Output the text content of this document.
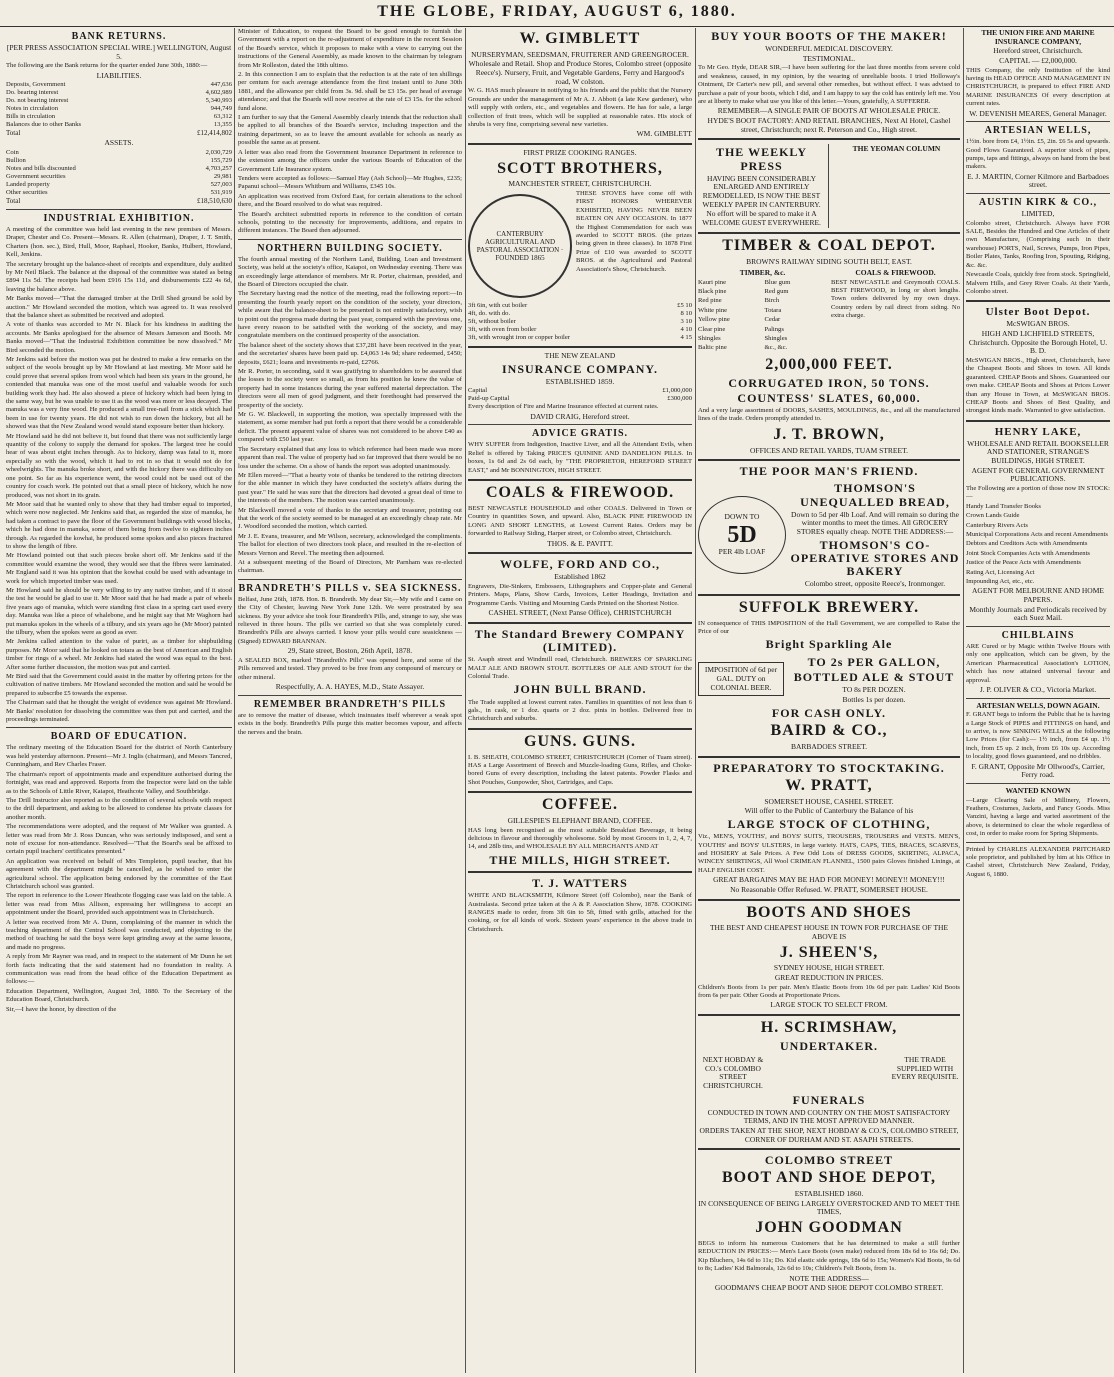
THE GLOBE, FRIDAY, AUGUST 6, 1880.
BANK RETURNS.
[PER PRESS ASSOCIATION SPECIAL WIRE.] WELLINGTON, August 5.
The following are the Bank returns for the quarter ended June 30th, 1880:—
LIABILITIES.
Deposits, Government	447,636
Do. bearing interest	4,602,989
Do. not bearing interest	5,340,993
Notes in circulation	944,749
Bills in circulation	63,312
Balances due to other Banks	13,355
Total	£12,414,802
ASSETS.
Coin	2,030,729
Bullion	155,729
Notes and bills discounted	4,703,257
Government securities	29,981
Landed property	527,003
Other securities	531,919
Total	£18,510,630
INDUSTRIAL EXHIBITION.
A meeting of the committee was held last evening in the new premises of Messrs. Draper, Chester and Co. Present—Messrs. R. Allen (chairman), Draper, J. T. Smith, Charters (hon. sec.), Bird, Hull, Moor, Raphael, Hooker, Banks, Hulbert, Howland, Kell, Jenkins.
The secretary brought up the balance-sheet of receipts and expenditure, duly audited by Mr Neil Black. The balance at the disposal of the committee was stated as being £894 11s 5d. The receipts had been £916 15s 11d, and disbursements £22 4s 6d, leaving the balance above.
Mr Banks moved—"That the damaged timber at the Drill Shed ground be sold by auction." Mr Howland seconded the motion, which was agreed to. It was resolved that the balance sheet as submitted be received and adopted.
A vote of thanks was accorded to Mr N. Black for his kindness in auditing the accounts. Mr Banks apologised for the absence of Messrs Jameson and Booth. Mr Banks moved—"That the Industrial Exhibition committee be now dissolved." Mr Bird seconded the motion.
Mr Jenkins said before the motion was put he desired to make a few remarks on the subject of the wools brought up by Mr Howland at last meeting. Mr Moor said he could prove that several spikes from wool which had been six years in the ground, he contended that manuka was one of the most useful and valuable woods for such building work they had. He also showed a piece of hickory which had been lying in the same way, but he was unable to use it as the wood was more or less decayed. The manuka was a very fine wood. He produced a small tree-nail from a stick which had been in use for twenty years. He did not wish to run down the hickory, but all he showed was that the New Zealand wood would stand exposure better than hickory.
Mr Howland said he did not believe it, but found that there was not sufficiently large quantity of the colony to supply the demand for spokes. The largest tree he could hear of was about eight inches through. As to hickory, damp was fatal to it, more especially so with the wood, which it had to rot in so that it would not do for wheelwrights. The manuka broke short, and with the hickory there was difficulty on one point. So far as his experience went, the wood could not be used out of the country for coach work. He pointed out that a small piece of hickory, which he now produced, was not short in its grain.
Mr Moor said that he wanted only to show that they had timber equal to imported, which were now neglected. Mr Jenkins said that, as regarded the size of manuka, he had taken a contract to pave the floor of the Government buildings with wood blocks, which he had done in manuka, some of them being from twelve to eighteen inches through. As regarded the kowhai, he produced some spokes and also pieces fractured to show the length of fibre.
Mr Howland pointed out that such pieces broke short off. Mr Jenkins said if the committee would examine the wood, they would see that the fibres were laminated. Mr England said it was his opinion that the kowhai could be used with advantage in work for which imported timber was used.
Mr Howland said he should be very willing to try any native timber, and if it stood the test he would be glad to use it. Mr Moor said that he had made a pair of wheels five years ago of manuka, which were standing first class in a spring cart used every day. Manuka was like a piece of whalebone, and he might say that Mr Waghorn had put manuka spokes in the wheels of a tilbury, and six years ago he (Mr Moor) painted the tilbury, when the spokes were as good as ever.
Mr Jenkins called attention to the value of puriri, as a timber for shipbuilding purposes. Mr Moor said that he looked on totara as the best of American and English timber for rings of a wheel. Mr Jenkins had stated the wood was equal to the best. After some further discussion, the motion was put and carried.
Mr Bird said that the Government could assist in the matter by offering prizes for the cultivation of native timbers. Mr Howland seconded the motion and said he would be prepared to subscribe £5 towards the expense.
The Chairman said that he thought the weight of evidence was against Mr Howland. Mr Banks' resolution for dissolving the committee was then put and carried, and the proceedings terminated.
BOARD OF EDUCATION.
The ordinary meeting of the Education Board for the district of North Canterbury was held yesterday afternoon. Present—Mr J. Inglis (chairman), and Messrs Tancred, Cunningham, and Rev Charles Fraser.
The chairman's report of appointments made and expenditure authorised during the fortnight, was read and approved. Reports from the Inspector were laid on the table as to the Schools of Little River, Kaiapoi, Heathcote Valley, and Southbridge.
The Drill Instructor also reported as to the condition of several schools with respect to the drill department, and asking to be allowed to condense his private classes for another month.
The recommendations were adopted, and the request of Mr Walker was granted. A letter was read from Mr J. Ross Duncan, who was seriously indisposed, and sent a note of excuse for non-attendance. Resolved—"That the Board's seal be affixed to certain pupil teachers' certificates presented."
An application was received on behalf of Mrs Templeton, pupil teacher, that his agreement with the department might be cancelled, as he wished to enter the agricultural school. The application being endorsed by the committee of the East Christchurch school was granted.
The report in reference to the Lower Heathcote flogging case was laid on the table. A letter was read from Miss Allison, expressing her willingness to accept an appointment under the Board, provided such appointment was in Christchurch.
A letter was received from Mr A. Dunn, complaining of the manner in which the teaching department of the Central School was conducted, and objecting to the method of teaching he said the boys were kept grinding away at the same lessons, and made no progress.
A reply from Mr Rayner was read, and in respect to the statement of Mr Dunn he set forth facts indicating that the said statement had no foundation in reality. A communication was read from the head office of the Education Department as follows:—
Education Department, Wellington, August 3rd, 1880. To the Secretary of the Education Board, Christchurch.
Sir,—I have the honor, by direction of the
Minister of Education, to request the Board to be good enough to furnish the Government with a report on the re-adjustment of expenditure in the recent Session of the Board's service, which it proposes to make with a view to carrying out the instructions of the General Assembly, as made known to the chairman by telegram from Mr Rolleston, dated the 18th ultimo.
2. In this connection I am to explain that the reduction is at the rate of ten shillings per centum for each average attendance from the first instant until to June 30th 1881, and the allowance per child from 3s. 9d. shall be £3 15s. per head of average attendance; and that the Boards will now receive at the rate of £3 15s. for the school fund alone.
I am further to say that the General Assembly clearly intends that the reduction shall be applied to all branches of the Board's service, including inspection and the training department, so as to leave the amount available for schools as nearly as possible the same as at present.
A letter was also read from the Government Insurance Department in reference to the extension among the officers under the various Boards of Education of the Government Life Insurance system.
Tenders were accepted as follows:—Samuel Hay (Ash School)—Mr Hughes, £235; Papanui school—Messrs Whitburn and Williams, £345 10s.
An application was received from Oxford East, for certain alterations to the school there, and the Board resolved to do what was required.
The Board's architect submitted reports in reference to the condition of certain schools, pointing to the necessity for improvements, additions, and repairs in different instances. The Board then adjourned.
NORTHERN BUILDING SOCIETY.
The fourth annual meeting of the Northern Land, Building, Loan and Investment Society, was held at the society's office, Kaiapoi, on Wednesday evening. There was an exceedingly large attendance of members. Mr R. Porter, chairman, presided, and the Board of Directors occupied the chair.
The Secretary having read the notice of the meeting, read the following report:—In presenting the fourth yearly report on the condition of the society, your directors, while aware that the balance-sheet to be presented is not entirely satisfactory, wish to point out the progress made during the past year, compared with the previous one, have every reason to be satisfied with the working of the society, and may congratulate members on the continued prosperity of the association.
The balance sheet of the society shows that £37,281 have been received in the year, and the secretaries' shares have been paid up. £4,063 14s 9d; share redeemed, £450; deposits, £621; loans and investments re-paid, £2766.
Mr R. Porter, in seconding, said it was gratifying to shareholders to be assured that the losses to the society were so small, as from his position he knew the value of property had in some instances during the year suffered material depreciation. The directors were all men of good judgment, and their forethought had preserved the prosperity of the society.
Mr G. W. Blackwell, in supporting the motion, was specially impressed with the statement, as some member had put forth a report that there would be a considerable deficit. The present apparent value of shares was not considered to be above £40 as compared with £50 last year.
The Secretary explained that any loss to which reference had been made was more apparent than real. The value of property had so far improved that there would be no loss under the scheme. On a show of hands the report was adopted unanimously.
Mr Ellen moved—"That a hearty vote of thanks be tendered to the retiring directors for the able manner in which they have conducted the society's affairs during the past year." He said he was sure that the directors had devoted a great deal of time to the interests of the members. The motion was carried unanimously.
Mr Blackwell moved a vote of thanks to the secretary and treasurer, pointing out that the work of the society seemed to be managed at an exceedingly cheap rate. Mr J. Woodford seconded the motion, which carried.
Mr J. E. Evans, treasurer, and Mr Wilson, secretary, acknowledged the compliments. The ballot for election of two directors took place, and resulted in the re-election of Messrs Vernon and Revel. The meeting then adjourned.
At a subsequent meeting of the Board of Directors, Mr Parnham was re-elected chairman.
BRANDRETH'S PILLS v. SEA SICKNESS.
Belfast, June 26th, 1878. Hon. B. Brandreth. My dear Sir,—My wife and I came on the City of Chester, leaving New York June 12th. We were prostrated by sea sickness. By your advice she took four Brandreth's Pills, and, strange to say, she was relieved in three hours. The pills we carried so that she was completely cured. Brandreth's Pills are always carried. I know your pills would cure seasickness — (Signed) EDWARD BRANNAN.
29, State street, Boston, 26th April, 1878.
A SEALED BOX, marked "Brandreth's Pills" was opened here, and some of the Pills removed and tested. They proved to be free from any compound of mercury or other mineral.
Respectfully, A. A. HAYES, M.D., State Assayer.
REMEMBER BRANDRETH'S PILLS
are to remove the matter of disease, which insinuates itself wherever a weak spot exists in the body. Brandreth's Pills purge this matter becomes vapour, and affects the nerves and the brain.
W. GIMBLETT
NURSERYMAN, SEEDSMAN, FRUITERER AND GREENGROCER.
Wholesale and Retail. Shop and Produce Stores, Colombo street (opposite Reece's). Nursery, Fruit, and Vegetable Gardens, Ferry and Hargood's road, W colston.
W. G. HAS much pleasure in notifying to his friends and the public that the Nursery Grounds are under the management of Mr A. J. Abbott (a late Kew gardener), who will supply with orders, etc., and vegetables and flowers. He has for sale, a large collection of fruit trees, which will be supplied at reasonable rates. His stock of shrubs is very fine, comprising several new varieties.
WM. GIMBLETT
FIRST PRIZE COOKING RANGES.
SCOTT BROTHERS,
MANCHESTER STREET, CHRISTCHURCH.
CANTERBURY AGRICULTURAL AND PASTORAL ASSOCIATION · FOUNDED 1865
THESE STOVES have come off with FIRST HONORS WHEREVER EXHIBITED, HAVING NEVER BEEN BEATEN ON ANY OCCASION. In 1877 the Highest Commendation for each was awarded to SCOTT BROS. (the prizes being given in three classes). In 1878 First Prize of £10 was awarded to SCOTT BROS. at the Agricultural and Pastoral Association's Show, Christchurch.
3ft 6in, with cut boiler	£5 10
4ft, do. with do.	8 10
5ft, without boiler	3 10
3ft, with oven from boiler	4 10
3ft, with wrought iron or copper boiler	4 15
THE NEW ZEALAND
INSURANCE COMPANY.
ESTABLISHED 1859.
Capital	£1,000,000
Paid-up Capital	£300,000
Every description of Fire and Marine Insurance effected at current rates.
DAVID CRAIG, Hereford street.
ADVICE GRATIS.
WHY SUFFER from Indigestion, Inactive Liver, and all the Attendant Evils, when Relief is offered by Taking PRICE'S QUININE AND DANDELION PILLS. In boxes, 1s 6d and 2s 6d each, by "THE PROPRIETOR, HEREFORD STREET EAST," and Mr BONNINGTON, HIGH STREET.
COALS & FIREWOOD.
BEST NEWCASTLE HOUSEHOLD and other COALS. Delivered in Town or Country in quantities Sown, and upward. Also, BLACK PINE FIREWOOD IN LONG AND SHORT LENGTHS, at Lowest Current Rates. Orders may be forwarded to Railway Siding, Harper street, or Colombo street, Christchurch.
THOS. & E. PAVITT.
WOLFE, FORD AND CO.,
Established 1862
Engravers, Die-Sinkers, Embossers, Lithographers and Copper-plate and General Printers. Maps, Plans, Show Cards, Invoices, Letter Headings, Invitation and Programme Cards. Visiting and Mourning Cards Printed on the Shortest Notice.
CASHEL STREET, (Next Panse Office), CHRISTCHURCH
The Standard Brewery COMPANY (LIMITED).
St. Asaph street and Windmill road, Christchurch. BREWERS OF SPARKLING MALT ALE AND BROWN STOUT. BOTTLERS OF ALE AND STOUT for the Colonial Trade.
JOHN BULL BRAND.
The Trade supplied at lowest current rates. Families in quantities of not less than 6 gals., in cask, or 1 doz. quarts or 2 doz. pints in bottles. Delivered free in Christchurch and suburbs.
GUNS. GUNS.
I. B. SHEATH, COLOMBO STREET, CHRISTCHURCH (Corner of Tuam street). HAS a Large Assortment of Breech and Muzzle-loading Guns, Rifles, and Choke-bored Guns of every description, including the latest patents. Powder Flasks and Shot Pouches, Gunpowder, Shot, Cartridges, and Caps.
COFFEE.
GILLESPIE'S ELEPHANT BRAND, COFFEE.
HAS long been recognised as the most suitable Breakfast Beverage, it being delicious in flavour and thoroughly wholesome. Sold by most Grocers in 1, 2, 4, 7, 14, and 28lb tins, and WHOLESALE BY ALL MERCHANTS AND AT
THE MILLS, HIGH STREET.
T. J. WATTERS
WHITE AND BLACKSMITH, Kilmore Street (off Colombo), near the Bank of Australasia. Second prize taken at the A & P. Association Show, 1878. COOKING RANGES made to order, from 3ft 6in to 5ft, fitted with grills, attached for the cooking, or for all kinds of work. Sixteen years' experience in the above trade in Christchurch.
BUY YOUR BOOTS OF THE MAKER!
WONDERFUL MEDICAL DISCOVERY.
TESTIMONIAL.
To Mr Geo. Hyde, DEAR SIR,—I have been suffering for the last three months from severe cold and weakness, caused, in my opinion, by the wearing of unreliable boots. I tried Holloway's Ointment, Dr Carter's new pill, and several other remedies, but without effect. I was advised to purchase a pair of your boots, which I did, and I am happy to say the cold has entirely left me. You are at liberty to make what use you like of this letter.—Yours, gratefully, A SUFFERER.
REMEMBER—A SINGLE PAIR OF BOOTS AT WHOLESALE PRICE.
HYDE'S BOOT FACTORY: AND RETAIL BRANCHES, Next Al Hotel, Cashel street, Christchurch; next R. Peterson and Co., High street.
THE WEEKLY PRESS
HAVING BEEN CONSIDERABLY ENLARGED AND ENTIRELY REMODELLED, IS NOW THE BEST WEEKLY PAPER IN CANTERBURY.
No effort will be spared to make it A WELCOME GUEST EVERYWHERE.
THE YEOMAN COLUMN
TIMBER & COAL DEPOT.
BROWN'S RAILWAY SIDING SOUTH BELT, EAST.
TIMBER, &c.
Kauri pine
Black pine
Red pine
White pine
Yellow pine
Clear pine
Shingles
Baltic pine
Blue gum
Red gum
Birch
Totara
Cedar
Palings
Shingles
&c., &c.
COALS & FIREWOOD.
BEST NEWCASTLE and Greymouth COALS. BEST FIREWOOD, in long or short lengths. Town orders delivered by my own drays. Country orders by rail direct from siding. No extra charge.
2,000,000 FEET.
CORRUGATED IRON, 50 TONS.
COUNTESS' SLATES, 60,000.
And a very large assortment of DOORS, SASHES, MOULDINGS, &c., and all the manufactured lines of the trade. Orders promptly attended to.
J. T. BROWN,
OFFICES AND RETAIL YARDS, TUAM STREET.
THE POOR MAN'S FRIEND.
DOWN TO
5D
PER 4lb LOAF
THOMSON'S UNEQUALLED BREAD,
Down to 5d per 4lb Loaf. And will remain so during the winter months to meet the times. All GROCERY STORES equally cheap. NOTE THE ADDRESS:—
THOMSON'S CO-OPERATIVE STORES AND BAKERY
Colombo street, opposite Reece's, Ironmonger.
SUFFOLK BREWERY.
IN consequence of THIS IMPOSITION of the Hall Government, we are compelled to Raise the Price of our
Bright Sparkling Ale
IMPOSITION of 6d per GAL. DUTY on COLONIAL BEER.
TO 2s PER GALLON,
BOTTLED ALE & STOUT
TO 8s PER DOZEN.
Bottles 1s per dozen.
FOR CASH ONLY.
BAIRD & CO.,
BARBADOES STREET.
PREPARATORY TO STOCKTAKING.
W. PRATT,
SOMERSET HOUSE, CASHEL STREET.
Will offer to the Public of Canterbury the Balance of his
LARGE STOCK OF CLOTHING,
Viz., MEN'S, YOUTHS', and BOYS' SUITS, TROUSERS, TROUSERS and VESTS. MEN'S, YOUTHS' and BOYS' ULSTERS, in large variety. HATS, CAPS, TIES, BRACES, SCARVES, and HOSIERY at Sale Prices. A Few Odd Lots of DRESS GOODS, SKIRTING, ALPACA, WINCEY SHIRTINGS, All Wool CRIMEAN FLANNEL, 1500 pairs Gloves finished Linings, at HALF ENGLISH COST.
GREAT BARGAINS MAY BE HAD FOR MONEY! MONEY!! MONEY!!!
No Reasonable Offer Refused. W. PRATT, SOMERSET HOUSE.
BOOTS AND SHOES
THE BEST AND CHEAPEST HOUSE IN TOWN FOR PURCHASE OF THE ABOVE IS
J. SHEEN'S,
SYDNEY HOUSE, HIGH STREET.
GREAT REDUCTION IN PRICES.
Children's Boots from 1s per pair. Men's Elastic Boots from 10s 6d per pair. Ladies' Kid Boots from 6s per pair. Other Goods at Proportionate Prices.
LARGE STOCK TO SELECT FROM.
H. SCRIMSHAW,
UNDERTAKER.
NEXT HOBDAY & CO.'s COLOMBO STREET CHRISTCHURCH.
THE TRADE SUPPLIED WITH EVERY REQUISITE.
FUNERALS
CONDUCTED IN TOWN AND COUNTRY ON THE MOST SATISFACTORY TERMS, AND IN THE MOST APPROVED MANNER.
ORDERS TAKEN AT THE SHOP, NEXT HOBDAY & CO.'S, COLOMBO STREET, CORNER OF DURHAM AND ST. ASAPH STREETS.
COLOMBO STREET
BOOT AND SHOE DEPOT,
ESTABLISHED 1860.
IN CONSEQUENCE OF BEING LARGELY OVERSTOCKED AND TO MEET THE TIMES,
JOHN GOODMAN
BEGS to inform his numerous Customers that he has determined to make a still further REDUCTION IN PRICES:— Men's Lace Boots (own make) reduced from 18s 6d to 16s 6d; Do. Kip Bluchers, 14s 6d to 11s; Do. Kid elastic side springs, 18s 6d to 15s; Women's Kid Boots, 9s 6d to 8s; Ladies' Kid Balmorals, 12s 6d to 10s; Children's Felt Boots, from 1s.
NOTE THE ADDRESS—
GOODMAN'S CHEAP BOOT AND SHOE DEPOT COLOMBO STREET.
THE UNION FIRE AND MARINE INSURANCE COMPANY,
Hereford street, Christchurch.
CAPITAL — £2,000,000.
THIS Company, the only Institution of the kind having its HEAD OFFICE AND MANAGEMENT IN CHRISTCHURCH, is prepared to effect FIRE AND MARINE INSURANCES Of every description at current rates.
W. DEVENISH MEARES, General Manager.
ARTESIAN WELLS,
1½in. bore from £4, 1½in. £5, 2in. £6 5s and upwards. Good Flows Guaranteed. A superior stock of pipes, pumps, taps and fittings, always on hand from the best makers.
E. J. MARTIN, Corner Kilmore and Barbadoes street.
AUSTIN KIRK & CO.,
LIMITED,
Colombo street, Christchurch. Always have FOR SALE, Besides the Hundred and One Articles of their own Manufacture, (Comprising such in their warehouse) PORTS, Nail, Screws, Pumps, Iron Pipes, Boiler Plates, Tanks, Roofing Iron, Spouting, Ridging, &c. &c.
Newcastle Coals, quickly free from stock. Springfield, Malvern Hills, and Grey River Coals. At their Yards, Colombo street.
Ulster Boot Depot.
McSWIGAN BROS.
HIGH AND LICHFIELD STREETS, Christchurch. Opposite the Borough Hotel, U. B. D.
McSWIGAN BROS., High street, Christchurch, have the Cheapest Boots and Shoes in town. All kinds guaranteed. CHEAP Boots and Shoes. Guaranteed our own make. CHEAP Boots and Shoes at Prices Lower than any House in Town, at McSWIGAN BROS. CHEAP Boots and Shoes of Best Quality, and strongest kinds made. Warranted to give satisfaction.
HENRY LAKE,
WHOLESALE AND RETAIL BOOKSELLER AND STATIONER, STRANGE'S BUILDINGS, HIGH STREET.
AGENT FOR GENERAL GOVERNMENT PUBLICATIONS.
The Following are a portion of those now IN STOCK:—
Handy Land Transfer Books
Crown Lands Guide
Canterbury Rivers Acts
Municipal Corporations Acts and recent Amendments
Debtors and Creditors Acts with Amendments
Joint Stock Companies Acts with Amendments
Justice of the Peace Acts with Amendments
Rating Act, Licensing Act
Impounding Act, etc., etc.
AGENT FOR MELBOURNE AND HOME PAPERS.
Monthly Journals and Periodicals received by each Suez Mail.
CHILBLAINS
ARE Cured or by Magic within Twelve Hours with only one application, which can be given, by the American Pharmaceutical Association's LOTION, which has now attained universal favour and approval.
J. P. OLIVER & CO., Victoria Market.
ARTESIAN WELLS, DOWN AGAIN.
F. GRANT begs to inform the Public that he is having a Large Stock of PIPES and FITTINGS on hand, and to arrive, is now SINKING WELLS at the following Low Prices (for Cash):— 1½ inch, from £4 up. 1½ inch, from £5 up. 2 inch, from £6 10s up. According to locality, good flows guaranteed, and no dribbles.
F. GRANT, Opposite Mr Ollwood's, Carrier, Ferry road.
WANTED KNOWN
—Large Clearing Sale of Millinery, Flowers, Feathers, Costumes, Jackets, and Fancy Goods. Miss Vanzini, having a large and varied assortment of the above, is determined to clear the whole regardless of cost, in order to make room for Spring Shipments.
Printed by CHARLES ALEXANDER PRITCHARD sole proprietor, and published by him at his Office in Cashel street, Christchurch New Zealand, Friday, August 6, 1880.
